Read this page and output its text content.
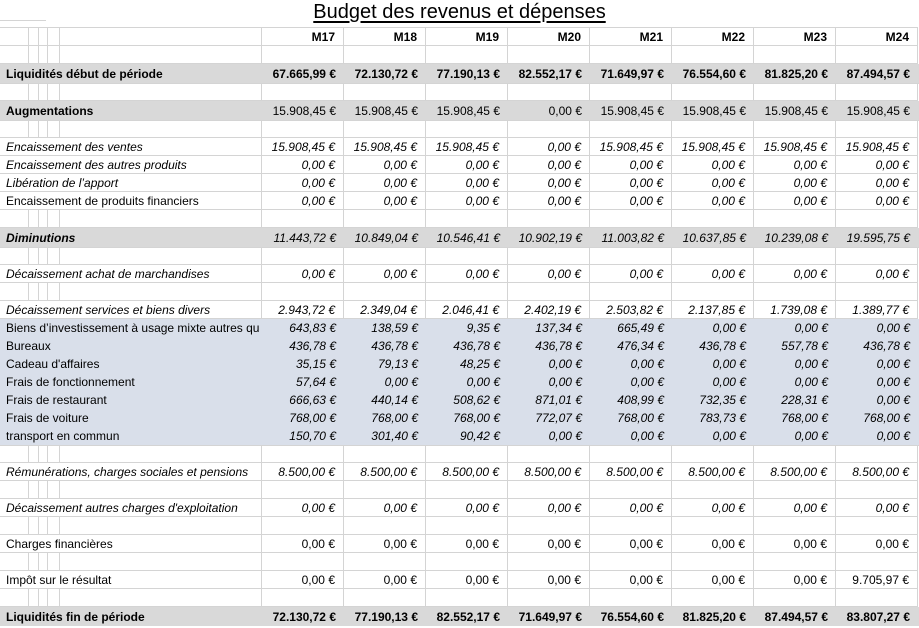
Budget des revenus et dépenses
M17	M18	M19	M20	M21	M22	M23	M24
Liquidités début de période	67.665,99 €	72.130,72 €	77.190,13 €	82.552,17 €	71.649,97 €	76.554,60 €	81.825,20 €	87.494,57 €
Augmentations	15.908,45 €	15.908,45 €	15.908,45 €	0,00 €	15.908,45 €	15.908,45 €	15.908,45 €	15.908,45 €
Encaissement des ventes	15.908,45 €	15.908,45 €	15.908,45 €	0,00 €	15.908,45 €	15.908,45 €	15.908,45 €	15.908,45 €
Encaissement des autres produits	0,00 €	0,00 €	0,00 €	0,00 €	0,00 €	0,00 €	0,00 €	0,00 €
Libération de l’apport	0,00 €	0,00 €	0,00 €	0,00 €	0,00 €	0,00 €	0,00 €	0,00 €
Encaissement de produits financiers	0,00 €	0,00 €	0,00 €	0,00 €	0,00 €	0,00 €	0,00 €	0,00 €
Diminutions	11.443,72 €	10.849,04 €	10.546,41 €	10.902,19 €	11.003,82 €	10.637,85 €	10.239,08 €	19.595,75 €
Décaissement achat de marchandises	0,00 €	0,00 €	0,00 €	0,00 €	0,00 €	0,00 €	0,00 €	0,00 €
Décaissement services et biens divers	2.943,72 €	2.349,04 €	2.046,41 €	2.402,19 €	2.503,82 €	2.137,85 €	1.739,08 €	1.389,77 €
Biens d’investissement à usage mixte autres qu	643,83 €	138,59 €	9,35 €	137,34 €	665,49 €	0,00 €	0,00 €	0,00 €
Bureaux	436,78 €	436,78 €	436,78 €	436,78 €	476,34 €	436,78 €	557,78 €	436,78 €
Cadeau d'affaires	35,15 €	79,13 €	48,25 €	0,00 €	0,00 €	0,00 €	0,00 €	0,00 €
Frais de fonctionnement	57,64 €	0,00 €	0,00 €	0,00 €	0,00 €	0,00 €	0,00 €	0,00 €
Frais de restaurant	666,63 €	440,14 €	508,62 €	871,01 €	408,99 €	732,35 €	228,31 €	0,00 €
Frais de voiture	768,00 €	768,00 €	768,00 €	772,07 €	768,00 €	783,73 €	768,00 €	768,00 €
transport en commun	150,70 €	301,40 €	90,42 €	0,00 €	0,00 €	0,00 €	0,00 €	0,00 €
Rémunérations, charges sociales et pensions	8.500,00 €	8.500,00 €	8.500,00 €	8.500,00 €	8.500,00 €	8.500,00 €	8.500,00 €	8.500,00 €
Décaissement autres charges d'exploitation	0,00 €	0,00 €	0,00 €	0,00 €	0,00 €	0,00 €	0,00 €	0,00 €
Charges financières	0,00 €	0,00 €	0,00 €	0,00 €	0,00 €	0,00 €	0,00 €	0,00 €
Impôt sur le résultat	0,00 €	0,00 €	0,00 €	0,00 €	0,00 €	0,00 €	0,00 €	9.705,97 €
Liquidités fin de période	72.130,72 €	77.190,13 €	82.552,17 €	71.649,97 €	76.554,60 €	81.825,20 €	87.494,57 €	83.807,27 €
